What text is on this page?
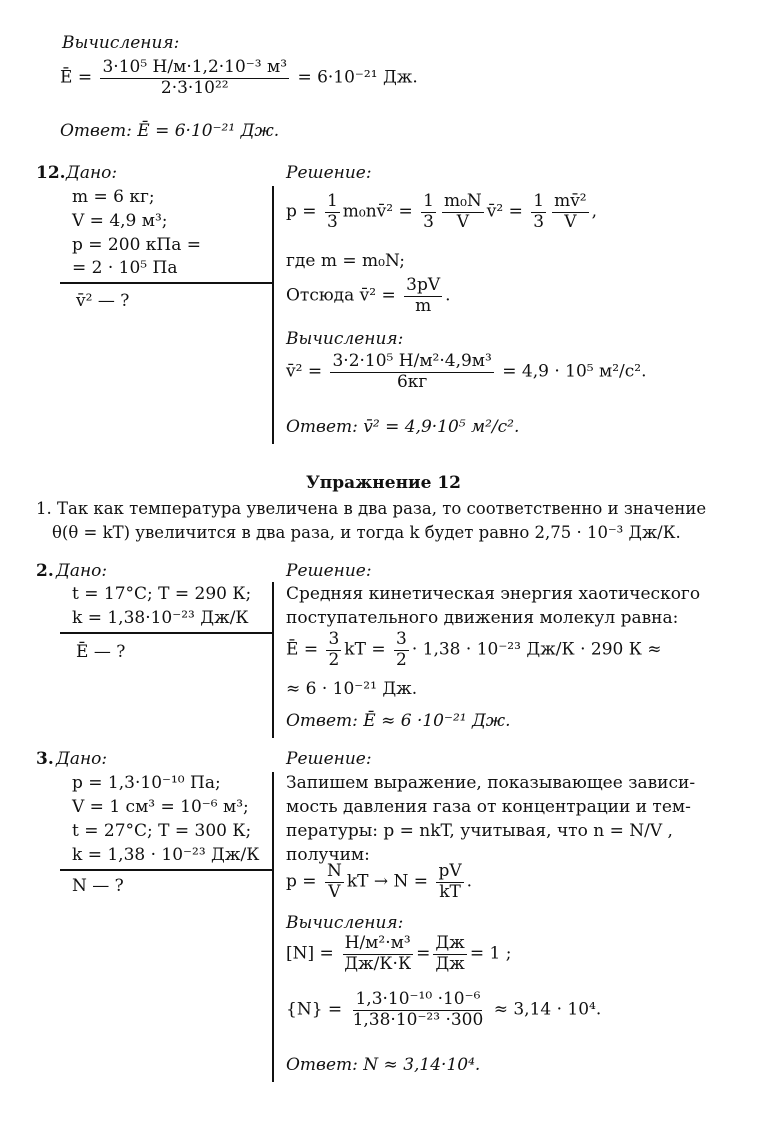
Вычисления:
Ē = $\frac{\text{3·10⁵ Н/м·1,2·10⁻³ м³}}{\text{2·3·10²²}} = 6\cdot 10^{-21}$ Дж.
Ответ: Ē = 6·10⁻²¹ Дж.
12. Дано:
m = 6 кг;
V = 4,9 м³;
p = 200 кПа =
= 2 · 10⁵ Па
v̄² — ?
Решение:
$p = \frac{1}{3}$ m₀nv̄² = $\frac{1}{3} \frac{\text{m₀N}}{V}$ v̄² = $\frac{1}{3} \frac{\text{mv̄²}}{V}$ ,
где m = m₀N;
Отсюда v̄² = $\frac{3pV}{m}$ .
Вычисления:
v̄² = $\frac{\text{3·2·10⁵ Н/м²·4,9м³}}{6кг} = 4,9 \cdot 10^5$ м²/с².
Ответ: v̄² = 4,9·10⁵ м²/с².
Упражнение 12
1. Так как температура увеличена в два раза, то соответственно и значение
θ(θ = kT) увеличится в два раза, и тогда k будет равно 2,75 · 10⁻³ Дж/К.
2. Дано:
t = 17°С; Т = 290 К;
k = 1,38·10⁻²³ Дж/К
Ē — ?
Решение:
Средняя кинетическая энергия хаотического
поступательного движения молекул равна:
Ē = $\frac{3}{2}$ kT = $\frac{3}{2} \cdot 1,38 \cdot 10^{-23}$ Дж/К · 290 К ≈
≈ 6 · 10⁻²¹ Дж.
Ответ: Ē ≈ 6 ·10⁻²¹ Дж.
3. Дано:
p = 1,3·10⁻¹⁰ Па;
V = 1 см³ = 10⁻⁶ м³;
t = 27°С; Т = 300 К;
k = 1,38 · 10⁻²³ Дж/К
N — ?
Решение:
Запишем выражение, показывающее зависи-
мость давления газа от концентрации и тем-
пературы: p = nkT, учитывая, что n = N/V ,
получим:
$p = \frac{N}{V}$ kT → $N = \frac{pV}{kT}$ .
Вычисления:
$[N] = \frac{\text{Н/м²·м³}}{Дж/К\cdot К} = \frac{Дж}{Дж} = 1$ ;
$\{N\} = \frac{\text{1,3·10⁻¹⁰ ·10⁻⁶}}{\text{1,38·10⁻²³ ·300}} \approx 3,14 \cdot 10^4$.
Ответ: N ≈ 3,14·10⁴.
